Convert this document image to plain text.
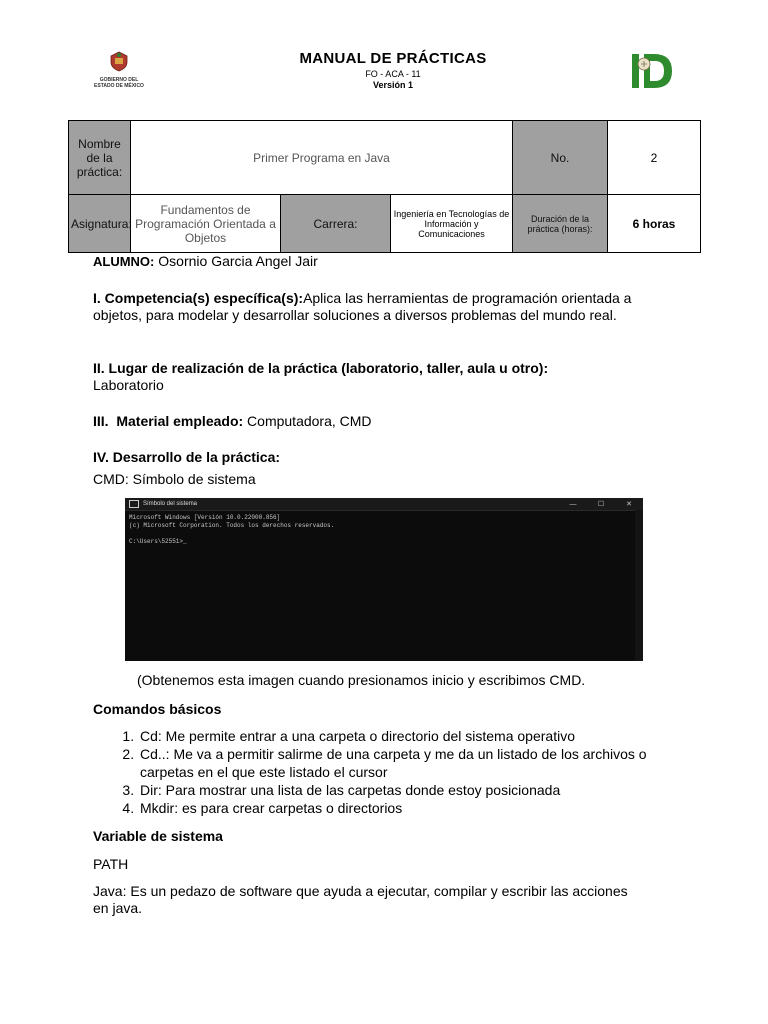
GOBIERNO DEL
ESTADO DE MÉXICO
MANUAL DE PRÁCTICAS
FO - ACA - 11
Versión 1
Nombre de la práctica:	Primer Programa en Java			No.	2
Asignatura:	Fundamentos de Programación Orientada a Objetos	Carrera:	Ingeniería en Tecnologías de Información y Comunicaciones	Duración de la práctica (horas):	6 horas
ALUMNO: Osornio Garcia Angel Jair
I. Competencia(s) específica(s):Aplica las herramientas de programación orientada a objetos, para modelar y desarrollar soluciones a diversos problemas del mundo real.
II. Lugar de realización de la práctica (laboratorio, taller, aula u otro):
Laboratorio
III.  Material empleado: Computadora, CMD
IV. Desarrollo de la práctica:
CMD: Símbolo de sistema
Símbolo del sistema	—	☐	✕
Microsoft Windows [Versión 10.0.22000.856]
(c) Microsoft Corporation. Todos los derechos reservados.
C:\Users\52551>_
(Obtenemos esta imagen cuando presionamos inicio y escribimos CMD.
Comandos básicos
1. Cd: Me permite entrar a una carpeta o directorio del sistema operativo
2. Cd..: Me va a permitir salirme de una carpeta y me da un listado de los archivos o carpetas en el que este listado el cursor
3. Dir: Para mostrar una lista de las carpetas donde estoy posicionada
4. Mkdir: es para crear carpetas o directorios
Variable de sistema
PATH
Java: Es un pedazo de software que ayuda a ejecutar, compilar y escribir las acciones en java.
